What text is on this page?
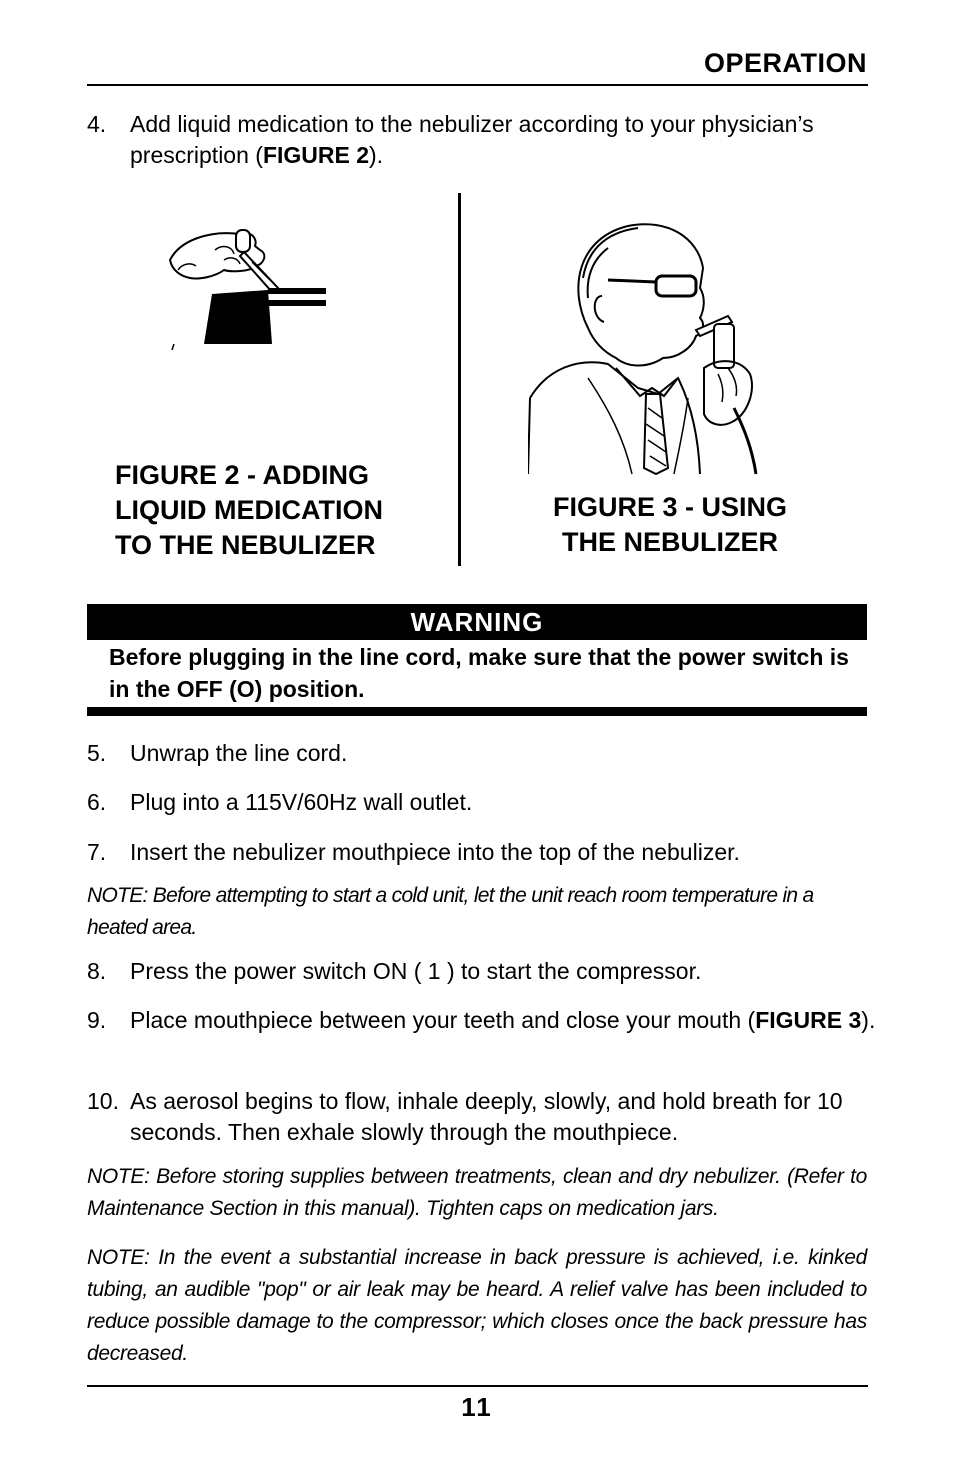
OPERATION
4. Add liquid medication to the nebulizer according to your physician’s prescription (FIGURE 2).
FIGURE 2 - ADDING
LIQUID MEDICATION
TO THE NEBULIZER
FIGURE 3 - USING
THE NEBULIZER
WARNING
Before plugging in the line cord, make sure that the power switch is in the OFF (O) position.
5. Unwrap the line cord.
6. Plug into a 115V/60Hz wall outlet.
7. Insert the nebulizer mouthpiece into the top of the nebulizer.
NOTE: Before attempting to start a cold unit, let the unit reach room temperature in a heated area.
8. Press the power switch ON ( 1 ) to start the compressor.
9. Place mouthpiece between your teeth and close your mouth (FIGURE 3).
10. As aerosol begins to flow, inhale deeply, slowly, and hold breath for 10 seconds. Then exhale slowly through the mouthpiece.
NOTE: Before storing supplies between treatments, clean and dry nebulizer. (Refer to Maintenance Section in this manual). Tighten caps on medication jars.
NOTE: In the event a substantial increase in back pressure is achieved, i.e. kinked tubing, an audible "pop" or air leak may be heard. A relief valve has been included to reduce possible damage to the compressor; which closes once the back pressure has decreased.
11
